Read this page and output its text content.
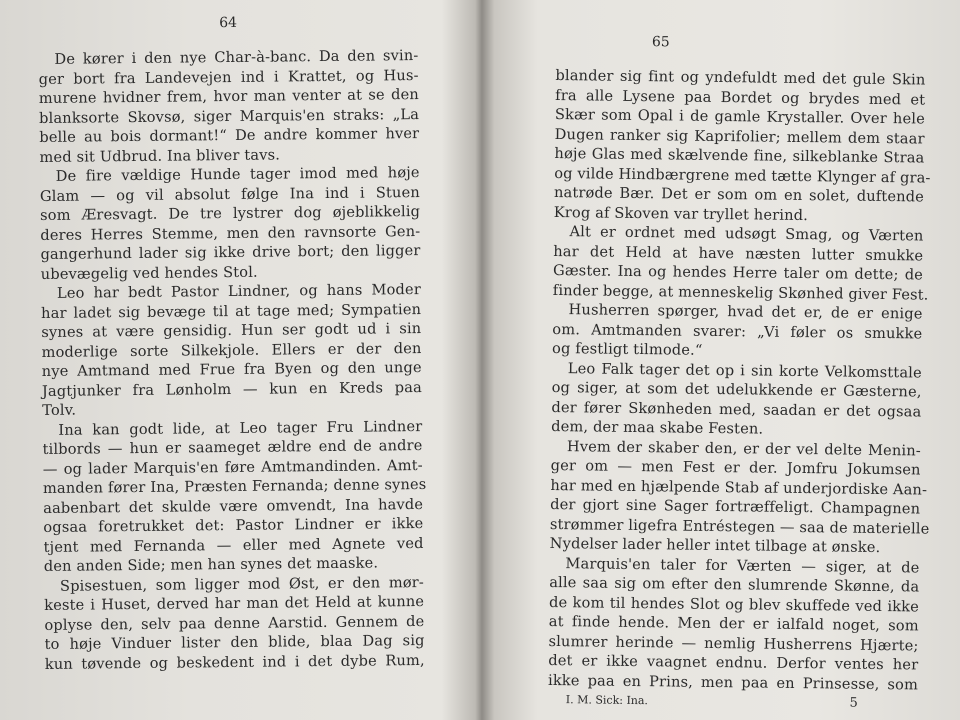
64
De kører i den nye Char-à-banc. Da den svin-
ger bort fra Landevejen ind i Krattet, og Hus-
murene hvidner frem, hvor man venter at se den
blanksorte Skovsø, siger Marquis'en straks: „La
belle au bois dormant!“ De andre kommer hver
med sit Udbrud. Ina bliver tavs.
De fire vældige Hunde tager imod med høje
Glam — og vil absolut følge Ina ind i Stuen
som Æresvagt. De tre lystrer dog øjeblikkelig
deres Herres Stemme, men den ravnsorte Gen-
gangerhund lader sig ikke drive bort; den ligger
ubevægelig ved hendes Stol.
Leo har bedt Pastor Lindner, og hans Moder
har ladet sig bevæge til at tage med; Sympatien
synes at være gensidig. Hun ser godt ud i sin
moderlige sorte Silkekjole. Ellers er der den
nye Amtmand med Frue fra Byen og den unge
Jagtjunker fra Lønholm — kun en Kreds paa
Tolv.
Ina kan godt lide, at Leo tager Fru Lindner
tilbords — hun er saameget ældre end de andre
— og lader Marquis'en føre Amtmandinden. Amt-
manden fører Ina, Præsten Fernanda; denne synes
aabenbart det skulde være omvendt, Ina havde
ogsaa foretrukket det: Pastor Lindner er ikke
tjent med Fernanda — eller med Agnete ved
den anden Side; men han synes det maaske.
Spisestuen, som ligger mod Øst, er den mør-
keste i Huset, derved har man det Held at kunne
oplyse den, selv paa denne Aarstid. Gennem de
to høje Vinduer lister den blide, blaa Dag sig
kun tøvende og beskedent ind i det dybe Rum,
65
blander sig fint og yndefuldt med det gule Skin
fra alle Lysene paa Bordet og brydes med et
Skær som Opal i de gamle Krystaller. Over hele
Dugen ranker sig Kaprifolier; mellem dem staar
høje Glas med skælvende fine, silkeblanke Straa
og vilde Hindbærgrene med tætte Klynger af gra-
natrøde Bær. Det er som om en solet, duftende
Krog af Skoven var tryllet herind.
Alt er ordnet med udsøgt Smag, og Værten
har det Held at have næsten lutter smukke
Gæster. Ina og hendes Herre taler om dette; de
finder begge, at menneskelig Skønhed giver Fest.
Husherren spørger, hvad det er, de er enige
om. Amtmanden svarer: „Vi føler os smukke
og festligt tilmode.“
Leo Falk tager det op i sin korte Velkomsttale
og siger, at som det udelukkende er Gæsterne,
der fører Skønheden med, saadan er det ogsaa
dem, der maa skabe Festen.
Hvem der skaber den, er der vel delte Menin-
ger om — men Fest er der. Jomfru Jokumsen
har med en hjælpende Stab af underjordiske Aan-
der gjort sine Sager fortræffeligt. Champagnen
strømmer ligefra Entréstegen — saa de materielle
Nydelser lader heller intet tilbage at ønske.
Marquis'en taler for Værten — siger, at de
alle saa sig om efter den slumrende Skønne, da
de kom til hendes Slot og blev skuffede ved ikke
at finde hende. Men der er ialfald noget, som
slumrer herinde — nemlig Husherrens Hjærte;
det er ikke vaagnet endnu. Derfor ventes her
ikke paa en Prins, men paa en Prinsesse, som
I. M. Sick: Ina.	5
